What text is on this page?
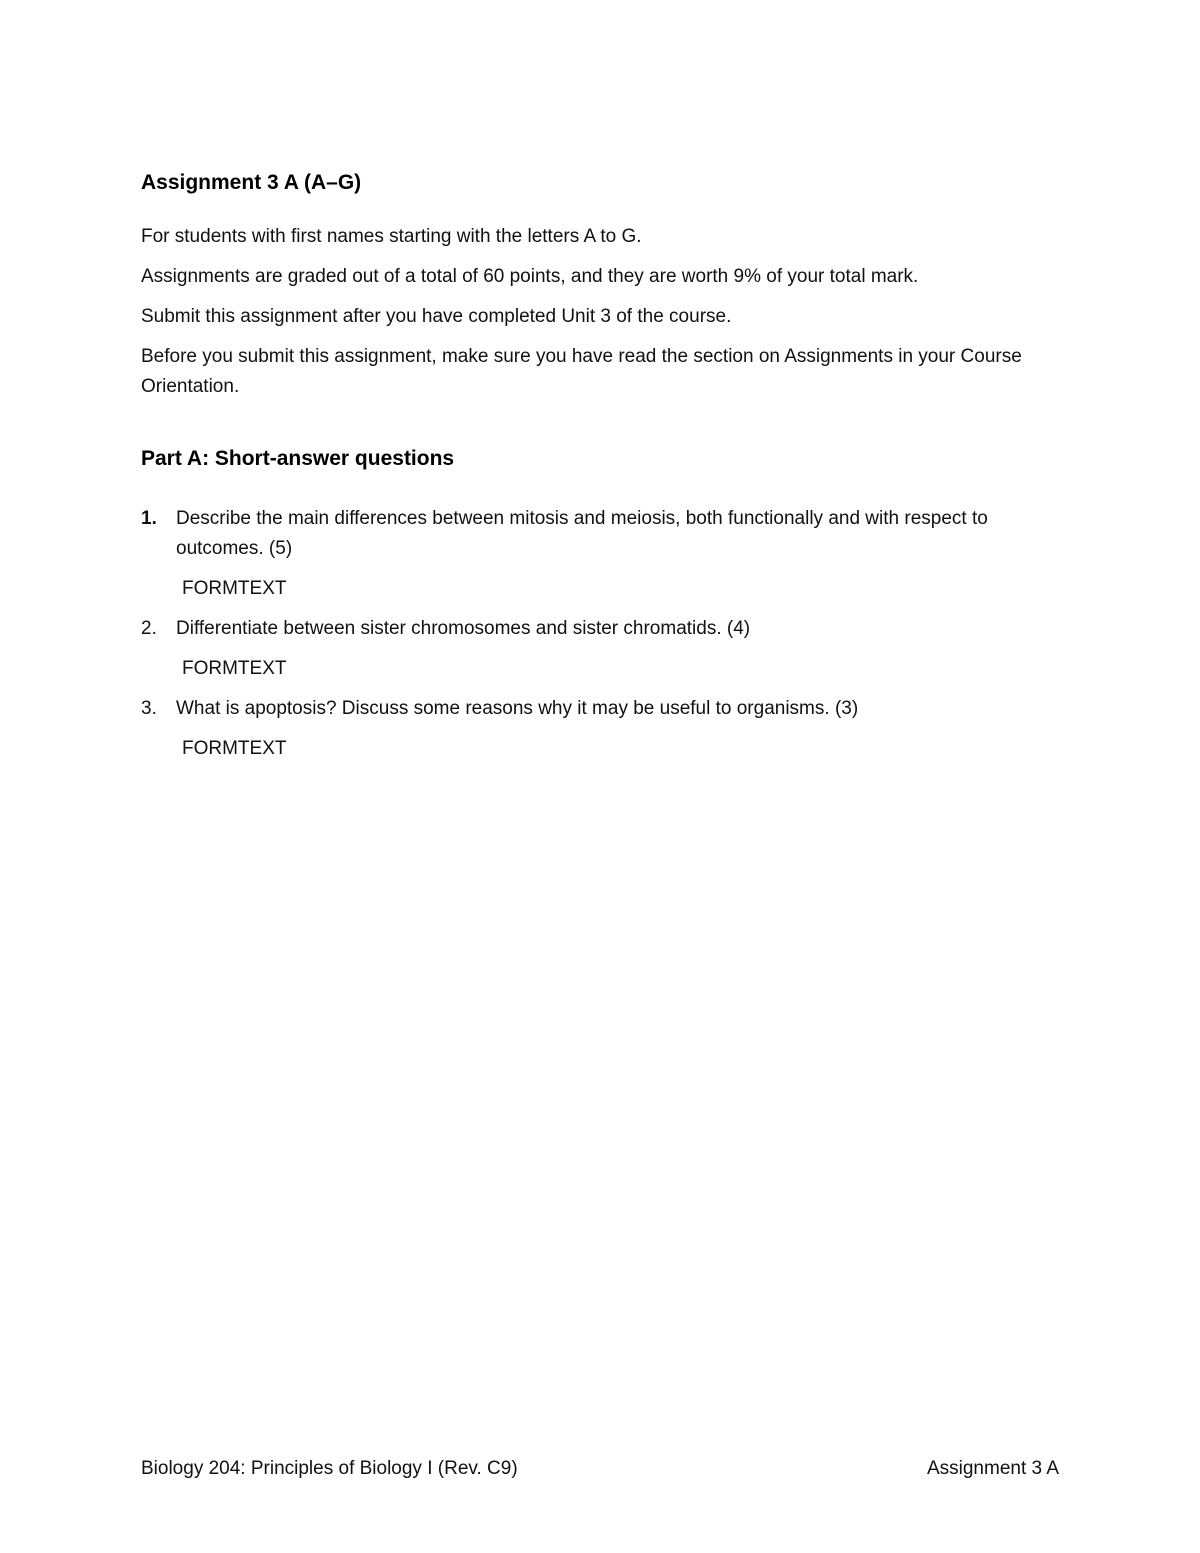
Assignment 3 A (A–G)

For students with first names starting with the letters A to G.

Assignments are graded out of a total of 60 points, and they are worth 9% of your total mark.

Submit this assignment after you have completed Unit 3 of the course.

Before you submit this assignment, make sure you have read the section on Assignments in your Course Orientation.

Part A: Short-answer questions
1. Describe the main differences between mitosis and meiosis, both functionally and with respect to outcomes. (5)
FORMTEXT
2. Differentiate between sister chromosomes and sister chromatids. (4)
FORMTEXT
3. What is apoptosis? Discuss some reasons why it may be useful to organisms. (3)
FORMTEXT
Biology 204: Principles of Biology I (Rev. C9)	Assignment 3 A
